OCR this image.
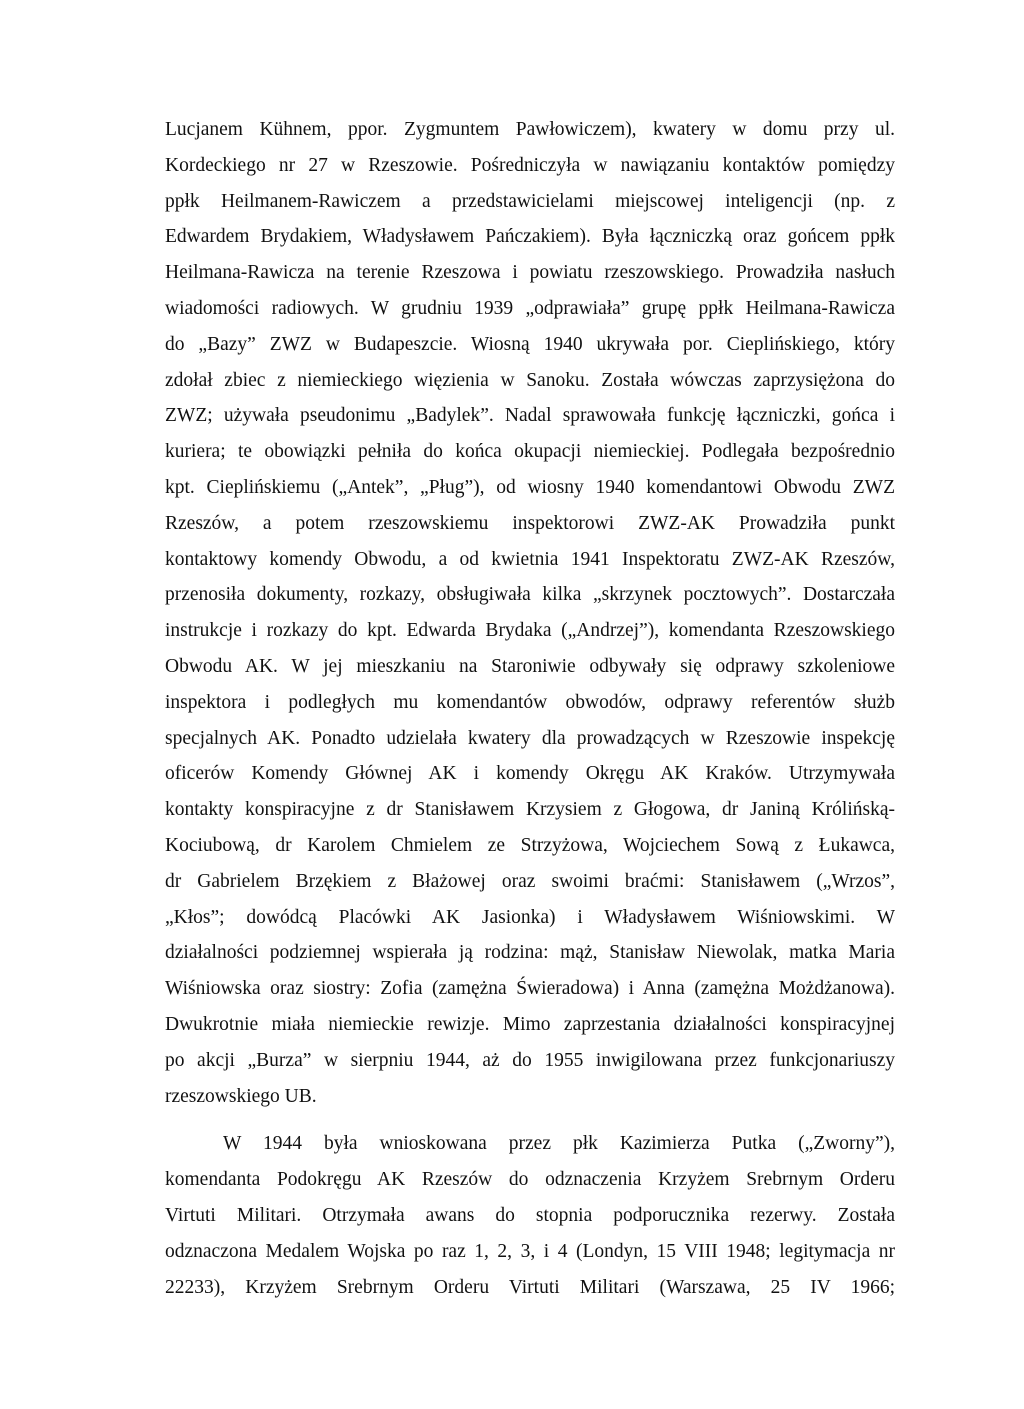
Lucjanem Kühnem, ppor. Zygmuntem Pawłowiczem), kwatery w domu przy ul.
Kordeckiego nr 27 w Rzeszowie. Pośredniczyła w nawiązaniu kontaktów pomiędzy
ppłk Heilmanem-Rawiczem a przedstawicielami miejscowej inteligencji (np. z
Edwardem Brydakiem, Władysławem Pańczakiem). Była łączniczką oraz gońcem ppłk
Heilmana-Rawicza na terenie Rzeszowa i powiatu rzeszowskiego. Prowadziła nasłuch
wiadomości radiowych. W grudniu 1939 „odprawiała” grupę ppłk Heilmana-Rawicza
do „Bazy” ZWZ w Budapeszcie. Wiosną 1940 ukrywała por. Cieplińskiego, który
zdołał zbiec z niemieckiego więzienia w Sanoku. Została wówczas zaprzysiężona do
ZWZ; używała pseudonimu „Badylek”. Nadal sprawowała funkcję łączniczki, gońca i
kuriera; te obowiązki pełniła do końca okupacji niemieckiej. Podlegała bezpośrednio
kpt. Cieplińskiemu („Antek”, „Pług”), od wiosny 1940 komendantowi Obwodu ZWZ
Rzeszów, a potem rzeszowskiemu inspektorowi ZWZ-AK Prowadziła punkt
kontaktowy komendy Obwodu, a od kwietnia 1941 Inspektoratu ZWZ-AK Rzeszów,
przenosiła dokumenty, rozkazy, obsługiwała kilka „skrzynek pocztowych”. Dostarczała
instrukcje i rozkazy do kpt. Edwarda Brydaka („Andrzej”), komendanta Rzeszowskiego
Obwodu AK. W jej mieszkaniu na Staroniwie odbywały się odprawy szkoleniowe
inspektora i podległych mu komendantów obwodów, odprawy referentów służb
specjalnych AK. Ponadto udzielała kwatery dla prowadzących w Rzeszowie inspekcję
oficerów Komendy Głównej AK i komendy Okręgu AK Kraków. Utrzymywała
kontakty konspiracyjne z dr Stanisławem Krzysiem z Głogowa, dr Janiną Królińską-
Kociubową, dr Karolem Chmielem ze Strzyżowa, Wojciechem Sową z Łukawca,
dr Gabrielem Brzękiem z Błażowej oraz swoimi braćmi: Stanisławem („Wrzos”,
„Kłos”; dowódcą Placówki AK Jasionka) i Władysławem Wiśniowskimi. W
działalności podziemnej wspierała ją rodzina: mąż, Stanisław Niewolak, matka Maria
Wiśniowska oraz siostry: Zofia (zamężna Świeradowa) i Anna (zamężna Możdżanowa).
Dwukrotnie miała niemieckie rewizje. Mimo zaprzestania działalności konspiracyjnej
po akcji „Burza” w sierpniu 1944, aż do 1955 inwigilowana przez funkcjonariuszy
rzeszowskiego UB.
W 1944 była wnioskowana przez płk Kazimierza Putka („Zworny”),
komendanta Podokręgu AK Rzeszów do odznaczenia Krzyżem Srebrnym Orderu
Virtuti Militari. Otrzymała awans do stopnia podporucznika rezerwy. Została
odznaczona Medalem Wojska po raz 1, 2, 3, i 4 (Londyn, 15 VIII 1948; legitymacja nr
22233), Krzyżem Srebrnym Orderu Virtuti Militari (Warszawa, 25 IV 1966;
